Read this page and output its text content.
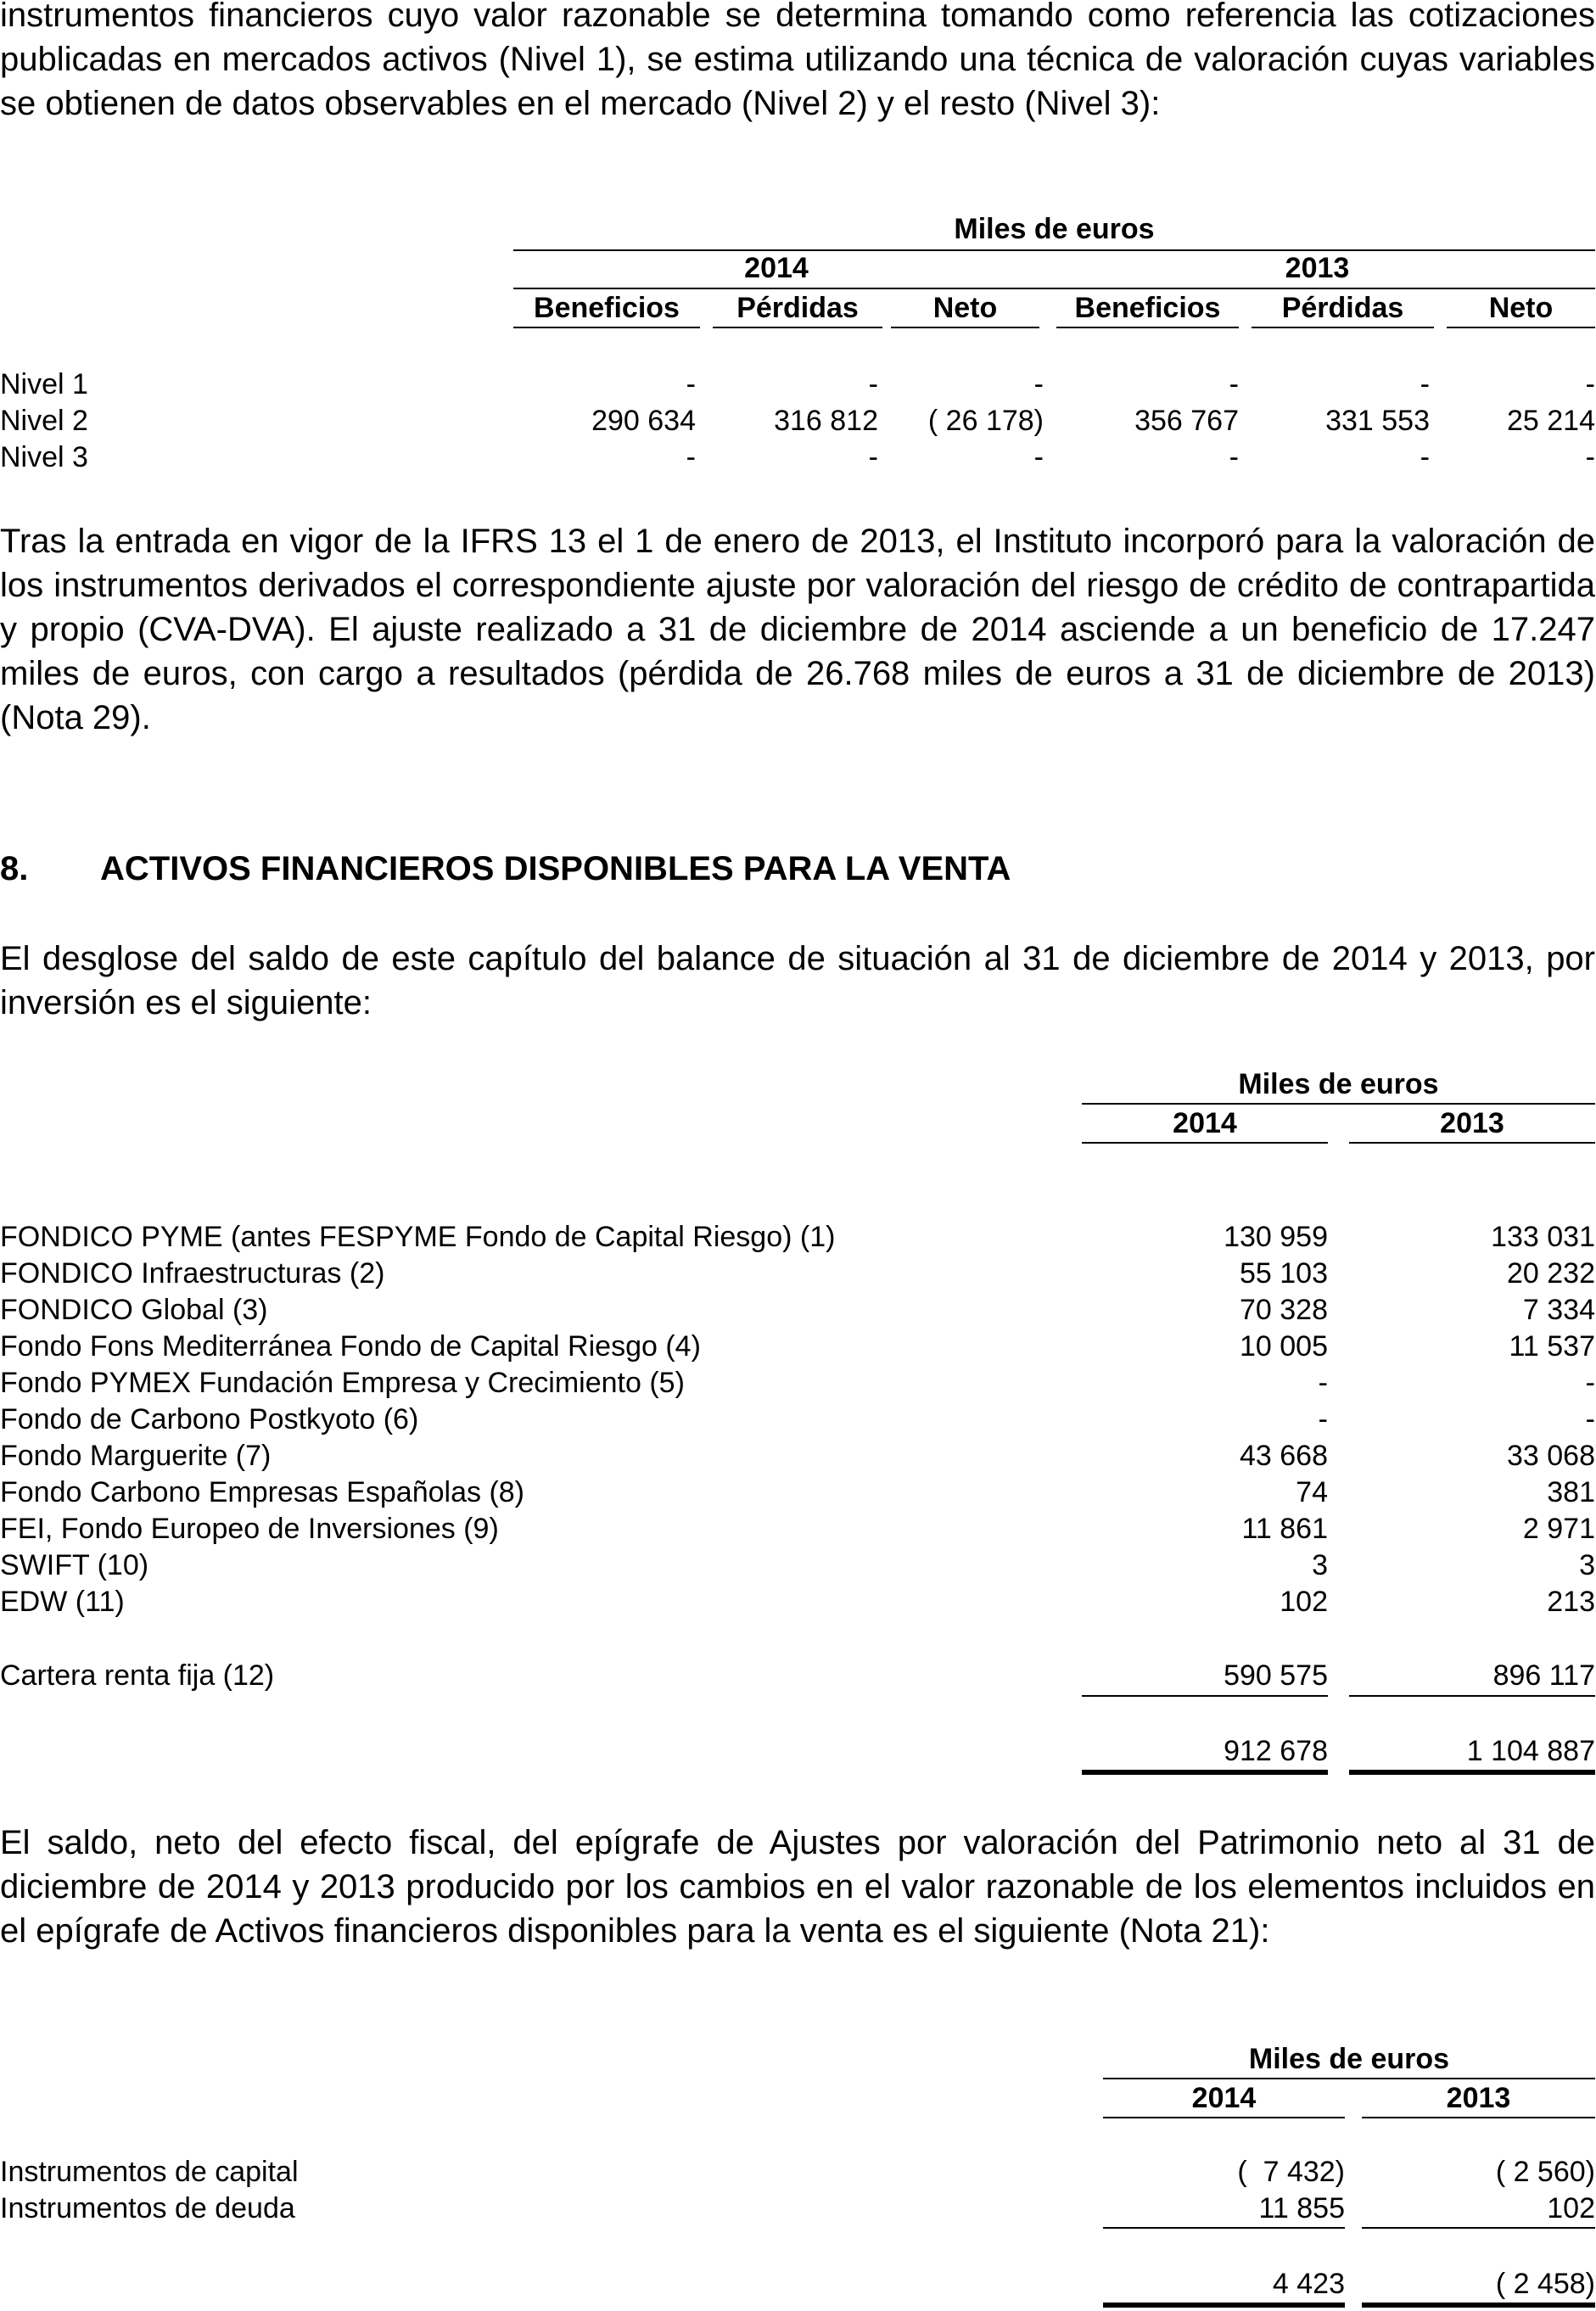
instrumentos financieros cuyo valor razonable se determina tomando como referencia las cotizaciones publicadas en mercados activos (Nivel 1), se estima utilizando una técnica de valoración cuyas variables se obtienen de datos observables en el mercado (Nivel 2) y el resto (Nivel 3):

Miles de euros
2014	2013
Beneficios	Pérdidas	Neto	Beneficios	Pérdidas	Neto
Nivel 1	-	-	-	-	-	-
Nivel 2	290 634	316 812	( 26 178)	356 767	331 553	25 214
Nivel 3	-	-	-	-	-	-

Tras la entrada en vigor de la IFRS 13 el 1 de enero de 2013, el Instituto incorporó para la valoración de los instrumentos derivados el correspondiente ajuste por valoración del riesgo de crédito de contrapartida y propio (CVA-DVA). El ajuste realizado a 31 de diciembre de 2014 asciende a un beneficio de 17.247 miles de euros, con cargo a resultados (pérdida de 26.768 miles de euros a 31 de diciembre de 2013) (Nota 29).

8. ACTIVOS FINANCIEROS DISPONIBLES PARA LA VENTA

El desglose del saldo de este capítulo del balance de situación al 31 de diciembre de 2014 y 2013, por inversión es el siguiente:

Miles de euros
2014	2013
FONDICO PYME (antes FESPYME Fondo de Capital Riesgo) (1)	130 959	133 031
FONDICO Infraestructuras (2)	55 103	20 232
FONDICO Global (3)	70 328	7 334
Fondo Fons Mediterránea Fondo de Capital Riesgo (4)	10 005	11 537
Fondo PYMEX Fundación Empresa y Crecimiento (5)	-	-
Fondo de Carbono Postkyoto (6)	-	-
Fondo Marguerite (7)	43 668	33 068
Fondo Carbono Empresas Españolas (8)	74	381
FEI, Fondo Europeo de Inversiones (9)	11 861	2 971
SWIFT (10)	3	3
EDW (11)	102	213
Cartera renta fija (12)	590 575	896 117
912 678	1 104 887

El saldo, neto del efecto fiscal, del epígrafe de Ajustes por valoración del Patrimonio neto al 31 de diciembre de 2014 y 2013 producido por los cambios en el valor razonable de los elementos incluidos en el epígrafe de Activos financieros disponibles para la venta es el siguiente (Nota 21):

Miles de euros
2014	2013
Instrumentos de capital	(  7 432)	( 2 560)
Instrumentos de deuda	11 855	102
4 423	( 2 458)
